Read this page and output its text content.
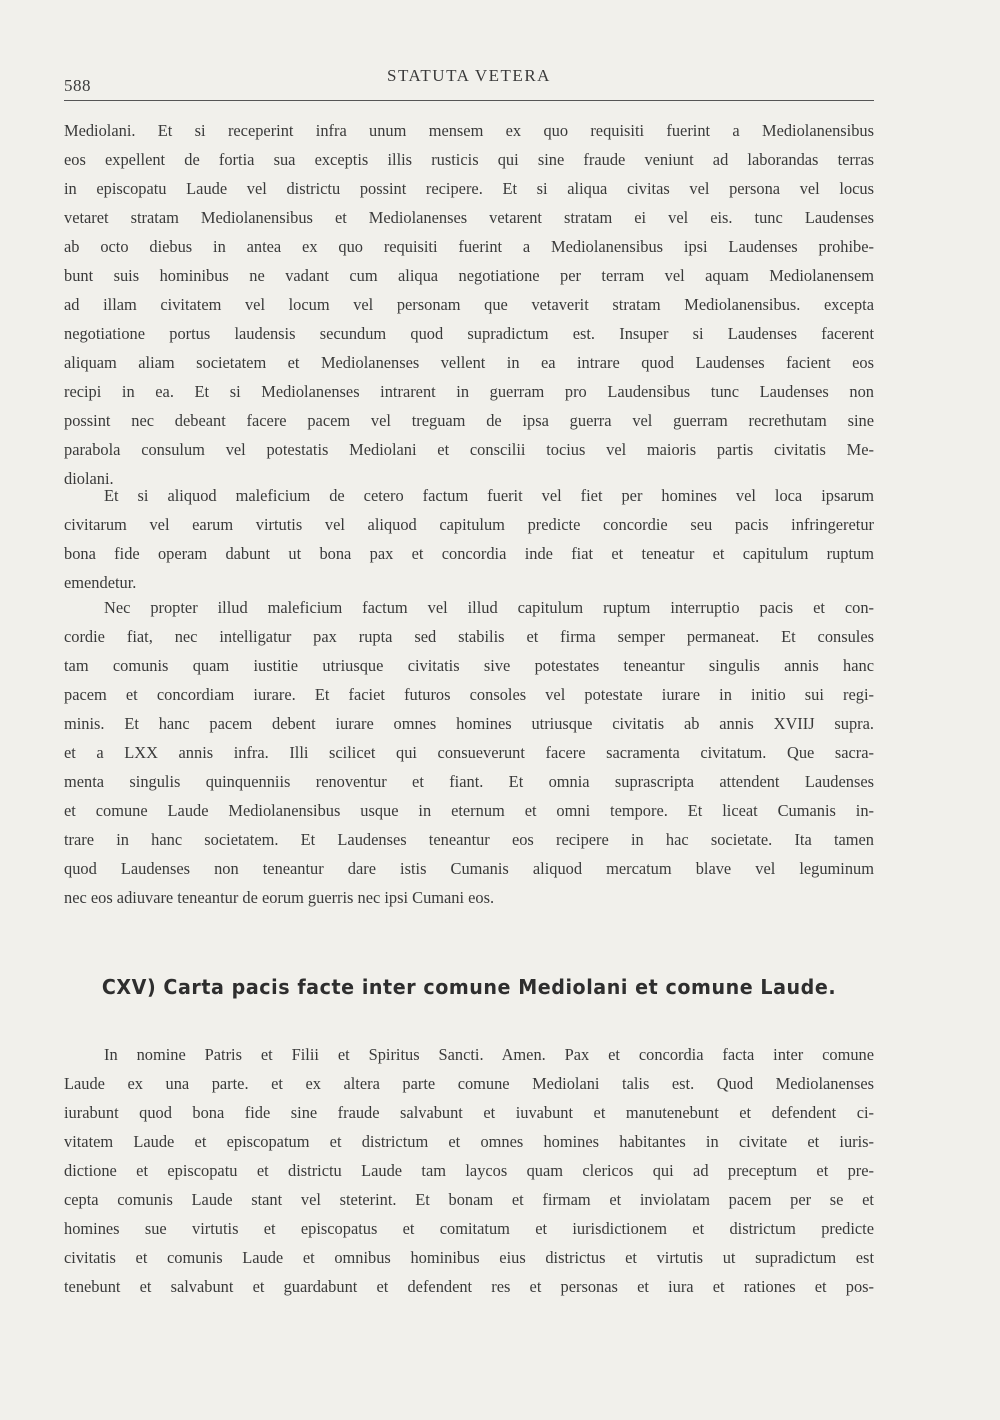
588
STATUTA VETERA
Mediolani. Et si receperint infra unum mensem ex quo requisiti fuerint a Mediolanensibus
eos expellent de fortia sua exceptis illis rusticis qui sine fraude veniunt ad laborandas terras
in episcopatu Laude vel districtu possint recipere. Et si aliqua civitas vel persona vel locus
vetaret stratam Mediolanensibus et Mediolanenses vetarent stratam ei vel eis. tunc Laudenses
ab octo diebus in antea ex quo requisiti fuerint a Mediolanensibus ipsi Laudenses prohibe-
bunt suis hominibus ne vadant cum aliqua negotiatione per terram vel aquam Mediolanensem
ad illam civitatem vel locum vel personam que vetaverit stratam Mediolanensibus. excepta
negotiatione portus laudensis secundum quod supradictum est. Insuper si Laudenses facerent
aliquam aliam societatem et Mediolanenses vellent in ea intrare quod Laudenses facient eos
recipi in ea. Et si Mediolanenses intrarent in guerram pro Laudensibus tunc Laudenses non
possint nec debeant facere pacem vel treguam de ipsa guerra vel guerram recrethutam sine
parabola consulum vel potestatis Mediolani et conscilii tocius vel maioris partis civitatis Me-
diolani.
Et si aliquod maleficium de cetero factum fuerit vel fiet per homines vel loca ipsarum
civitarum vel earum virtutis vel aliquod capitulum predicte concordie seu pacis infringeretur
bona fide operam dabunt ut bona pax et concordia inde fiat et teneatur et capitulum ruptum
emendetur.
Nec propter illud maleficium factum vel illud capitulum ruptum interruptio pacis et con-
cordie fiat, nec intelligatur pax rupta sed stabilis et firma semper permaneat. Et consules
tam comunis quam iustitie utriusque civitatis sive potestates teneantur singulis annis hanc
pacem et concordiam iurare. Et faciet futuros consoles vel potestate iurare in initio sui regi-
minis. Et hanc pacem debent iurare omnes homines utriusque civitatis ab annis XVIIJ supra.
et a LXX annis infra. Illi scilicet qui consueverunt facere sacramenta civitatum. Que sacra-
menta singulis quinquenniis renoventur et fiant. Et omnia suprascripta attendent Laudenses
et comune Laude Mediolanensibus usque in eternum et omni tempore. Et liceat Cumanis in-
trare in hanc societatem. Et Laudenses teneantur eos recipere in hac societate. Ita tamen
quod Laudenses non teneantur dare istis Cumanis aliquod mercatum blave vel leguminum
nec eos adiuvare teneantur de eorum guerris nec ipsi Cumani eos.
CXV) Carta pacis facte inter comune Mediolani et comune Laude.
In nomine Patris et Filii et Spiritus Sancti. Amen. Pax et concordia facta inter comune
Laude ex una parte. et ex altera parte comune Mediolani talis est. Quod Mediolanenses
iurabunt quod bona fide sine fraude salvabunt et iuvabunt et manutenebunt et defendent ci-
vitatem Laude et episcopatum et districtum et omnes homines habitantes in civitate et iuris-
dictione et episcopatu et districtu Laude tam laycos quam clericos qui ad preceptum et pre-
cepta comunis Laude stant vel steterint. Et bonam et firmam et inviolatam pacem per se et
homines sue virtutis et episcopatus et comitatum et iurisdictionem et districtum predicte
civitatis et comunis Laude et omnibus hominibus eius districtus et virtutis ut supradictum est
tenebunt et salvabunt et guardabunt et defendent res et personas et iura et rationes et pos-
